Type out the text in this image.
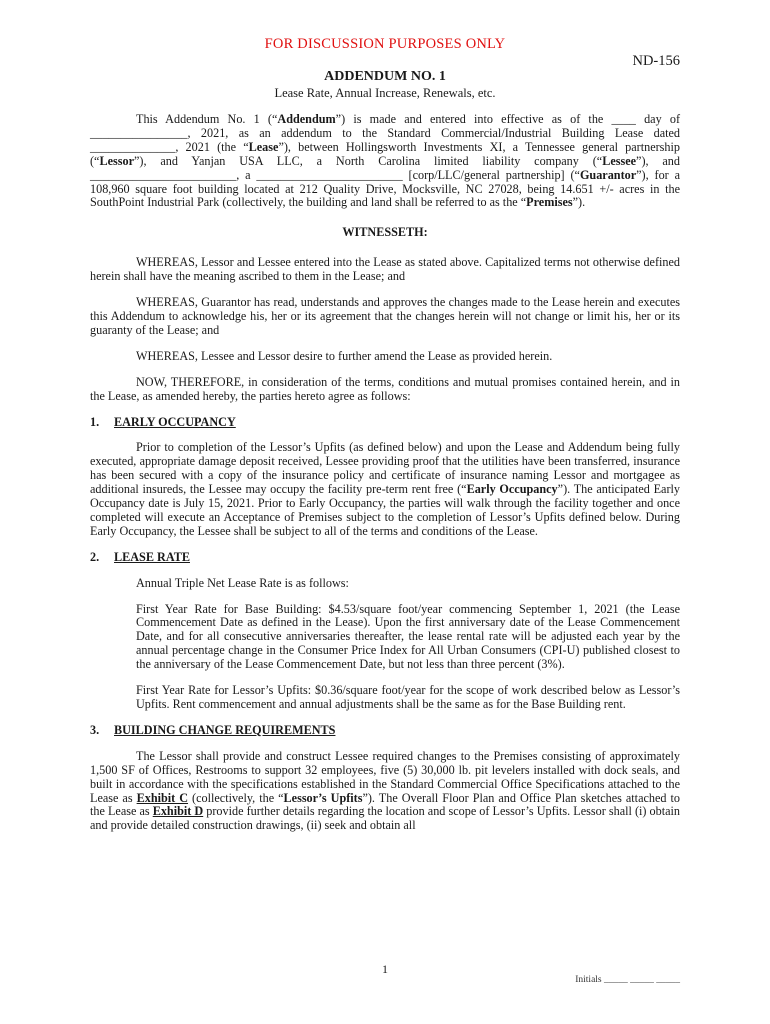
FOR DISCUSSION PURPOSES ONLY
ND-156
ADDENDUM NO. 1
Lease Rate, Annual Increase, Renewals, etc.

This Addendum No. 1 (“Addendum”) is made and entered into effective as of the ____ day of ________________, 2021, as an addendum to the Standard Commercial/Industrial Building Lease dated ______________, 2021 (the “Lease”), between Hollingsworth Investments XI, a Tennessee general partnership (“Lessor”), and Yanjan USA LLC, a North Carolina limited liability company (“Lessee”), and ________________________, a ________________________ [corp/LLC/general partnership] (“Guarantor”), for a 108,960 square foot building located at 212 Quality Drive, Mocksville, NC 27028, being 14.651 +/- acres in the SouthPoint Industrial Park (collectively, the building and land shall be referred to as the “Premises”).

WITNESSETH:

WHEREAS, Lessor and Lessee entered into the Lease as stated above. Capitalized terms not otherwise defined herein shall have the meaning ascribed to them in the Lease; and

WHEREAS, Guarantor has read, understands and approves the changes made to the Lease herein and executes this Addendum to acknowledge his, her or its agreement that the changes herein will not change or limit his, her or its guaranty of the Lease; and

WHEREAS, Lessee and Lessor desire to further amend the Lease as provided herein.

NOW, THEREFORE, in consideration of the terms, conditions and mutual promises contained herein, and in the Lease, as amended hereby, the parties hereto agree as follows:

1. EARLY OCCUPANCY

Prior to completion of the Lessor’s Upfits (as defined below) and upon the Lease and Addendum being fully executed, appropriate damage deposit received, Lessee providing proof that the utilities have been transferred, insurance has been secured with a copy of the insurance policy and certificate of insurance naming Lessor and mortgagee as additional insureds, the Lessee may occupy the facility pre-term rent free (“Early Occupancy”). The anticipated Early Occupancy date is July 15, 2021. Prior to Early Occupancy, the parties will walk through the facility together and once completed will execute an Acceptance of Premises subject to the completion of Lessor’s Upfits defined below. During Early Occupancy, the Lessee shall be subject to all of the terms and conditions of the Lease.

2. LEASE RATE

Annual Triple Net Lease Rate is as follows:

First Year Rate for Base Building: $4.53/square foot/year commencing September 1, 2021 (the Lease Commencement Date as defined in the Lease). Upon the first anniversary date of the Lease Commencement Date, and for all consecutive anniversaries thereafter, the lease rental rate will be adjusted each year by the annual percentage change in the Consumer Price Index for All Urban Consumers (CPI-U) published closest to the anniversary of the Lease Commencement Date, but not less than three percent (3%).

First Year Rate for Lessor’s Upfits: $0.36/square foot/year for the scope of work described below as Lessor’s Upfits. Rent commencement and annual adjustments shall be the same as for the Base Building rent.

3. BUILDING CHANGE REQUIREMENTS

The Lessor shall provide and construct Lessee required changes to the Premises consisting of approximately 1,500 SF of Offices, Restrooms to support 32 employees, five (5) 30,000 lb. pit levelers installed with dock seals, and built in accordance with the specifications established in the Standard Commercial Office Specifications attached to the Lease as Exhibit C (collectively, the “Lessor’s Upfits”). The Overall Floor Plan and Office Plan sketches attached to the Lease as Exhibit D provide further details regarding the location and scope of Lessor’s Upfits. Lessor shall (i) obtain and provide detailed construction drawings, (ii) seek and obtain all

1
Initials _____ _____ _____
